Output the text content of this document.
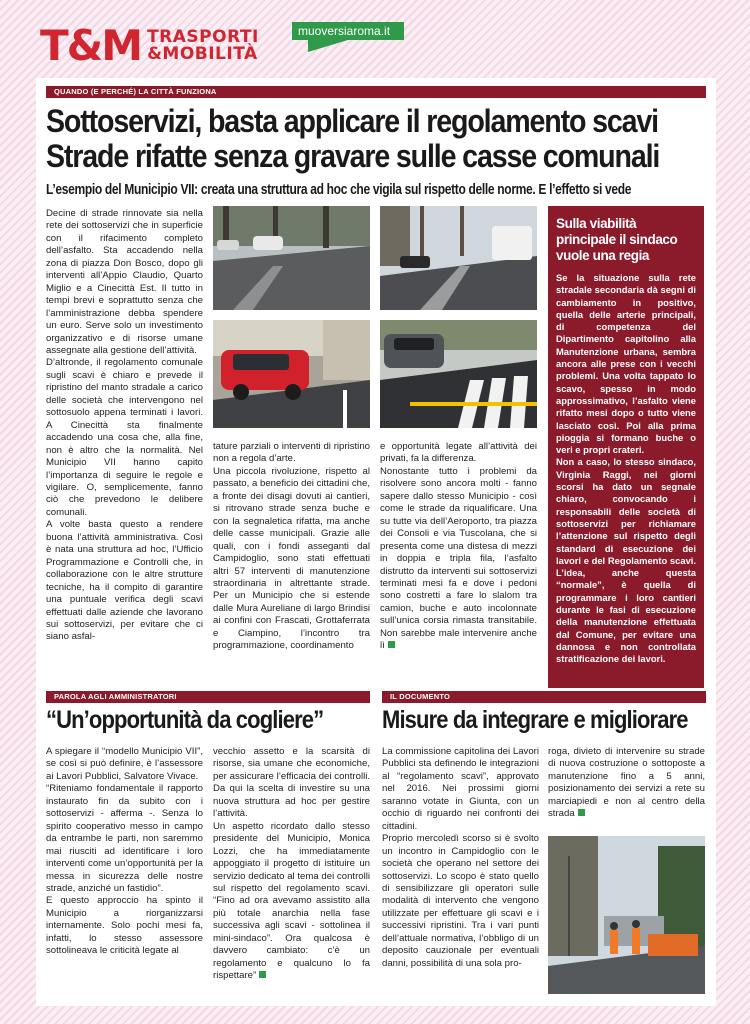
T&M TRASPORTI
&MOBILITÀ
muoversiaroma.it
QUANDO (E PERCHÉ) LA CITTÀ FUNZIONA
Sottoservizi, basta applicare il regolamento scavi
Strade rifatte senza gravare sulle casse comunali
L’esempio del Municipio VII: creata una struttura ad hoc che vigila sul rispetto delle norme. E l’effetto si vede
Decine di strade rinnovate sia nella rete dei sottoservizi che in superficie con il rifacimento completo dell’asfalto. Sta accadendo nella zona di piazza Don Bosco, dopo gli interventi all’Appio Claudio, Quarto Miglio e a Cinecittà Est. Il tutto in tempi brevi e soprattutto senza che l’amministrazione debba spendere un euro. Serve solo un investimento organizzativo e di risorse umane assegnate alla gestione dell’attività.
D’altronde, il regolamento comunale sugli scavi è chiaro e prevede il ripristino del manto stradale a carico delle società che intervengono nel sottosuolo appena terminati i lavori. A Cinecittà sta finalmente accadendo una cosa che, alla fine, non è altro che la normalità. Nel Municipio VII hanno capito l’importanza di seguire le regole e vigilare. O, semplicemente, fanno ciò che prevedono le delibere comunali.
A volte basta questo a rendere buona l’attività amministrativa. Così è nata una struttura ad hoc, l’Ufficio Programmazione e Controlli che, in collaborazione con le altre strutture tecniche, ha il compito di garantire una puntuale verifica degli scavi effettuati dalle aziende che lavorano sui sottoservizi, per evitare che ci siano asfal-
tature parziali o interventi di ripristino non a regola d’arte.
Una piccola rivoluzione, rispetto al passato, a beneficio dei cittadini che, a fronte dei disagi dovuti ai cantieri, si ritrovano strade senza buche e con la segnaletica rifatta, ma anche delle casse municipali. Grazie alle quali, con i fondi asseganti dal Campidoglio, sono stati effettuati altri 57 interventi di manutenzione straordinaria in altrettante strade. Per un Municipio che si estende dalle Mura Aureliane di largo Brindisi ai confini con Frascati, Grottaferrata e Ciampino, l’incontro tra programmazione, coordinamento
e opportunità legate all’attività dei privati, fa la differenza.
Nonostante tutto i problemi da risolvere sono ancora molti - fanno sapere dallo stesso Municipio - così come le strade da riqualificare. Una su tutte via dell’Aeroporto, tra piazza dei Consoli e via Tuscolana, che si presenta come una distesa di mezzi in doppia e tripla fila, l’asfalto distrutto da interventi sui sottoservizi terminati mesi fa e dove i pedoni sono costretti a fare lo slalom tra camion, buche e auto incolonnate sull’unica corsia rimasta transitabile. Non sarebbe male intervenire anche lì
Sulla viabilità principale il sindaco vuole una regia
Se la situazione sulla rete stradale secondaria dà segni di cambiamento in positivo, quella delle arterie principali, di competenza del Dipartimento capitolino alla Manutenzione urbana, sembra ancora alle prese con i vecchi problemi. Una volta tappato lo scavo, spesso in modo approssimativo, l’asfalto viene rifatto mesi dopo o tutto viene lasciato così. Poi alla prima pioggia si formano buche o veri e propri crateri.
Non a caso, lo stesso sindaco, Virginia Raggi, nei giorni scorsi ha dato un segnale chiaro, convocando i responsabili delle società di sottoservizi per richiamare l’attenzione sul rispetto degli standard di esecuzione dei lavori e del Regolamento scavi. L’idea, anche questa “normale”, è quella di programmare i loro cantieri durante le fasi di esecuzione della manutenzione effettuata dal Comune, per evitare una dannosa e non controllata stratificazione dei lavori.
PAROLA AGLI AMMINISTRATORI
“Un’opportunità da cogliere”
A spiegare il “modello Municipio VII”, se così si può definire, è l’assessore ai Lavori Pubblici, Salvatore Vivace.
“Riteniamo fondamentale il rapporto instaurato fin da subito con i sottoservizi - afferma -. Senza lo spirito cooperativo messo in campo da entrambe le parti, non saremmo mai riusciti ad identificare i loro interventi come un’opportunità per la messa in sicurezza delle nostre strade, anziché un fastidio”.
E questo approccio ha spinto il Municipio a riorganizzarsi internamente. Solo pochi mesi fa, infatti, lo stesso assessore sottolineava le criticità legate al
vecchio assetto e la scarsità di risorse, sia umane che economiche, per assicurare l’efficacia dei controlli. Da qui la scelta di investire su una nuova struttura ad hoc per gestire l’attività.
Un aspetto ricordato dallo stesso presidente del Municipio, Monica Lozzi, che ha immediatamente appoggiato il progetto di istituire un servizio dedicato al tema dei controlli sul rispetto del regolamento scavi. “Fino ad ora avevamo assistito alla più totale anarchia nella fase successiva agli scavi - sottolinea il mini-sindaco”. Ora qualcosa è davvero cambiato: c’è un regolamento e qualcuno lo fa rispettare”
IL DOCUMENTO
Misure da integrare e migliorare
La commissione capitolina dei Lavori Pubblici sta definendo le integrazioni al “regolamento scavi”, approvato nel 2016. Nei prossimi giorni saranno votate in Giunta, con un occhio di riguardo nei confronti dei cittadini.
Proprio mercoledì scorso si è svolto un incontro in Campidoglio con le società che operano nel settore dei sottoservizi. Lo scopo è stato quello di sensibilizzare gli operatori sulle modalità di intervento che vengono utilizzate per effettuare gli scavi e i successivi ripristini. Tra i vari punti dell’attuale normativa, l’obbligo di un deposito cauzionale per eventuali danni, possibilità di una sola pro-
roga, divieto di intervenire su strade di nuova costruzione o sottoposte a manutenzione fino a 5 anni, posizionamento dei servizi a rete su marciapiedi e non al centro della strada
